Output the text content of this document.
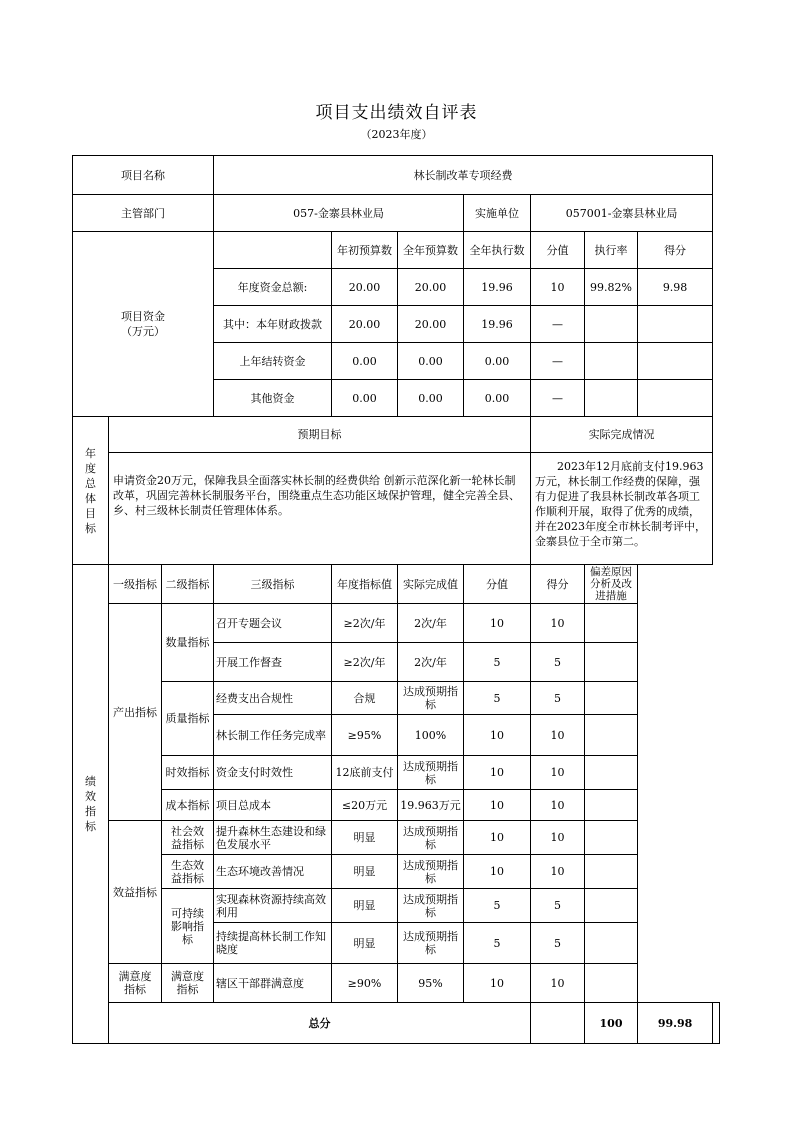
项目支出绩效自评表
（2023年度）
项目名称			林长制改革专项经费							
主管部门			057-金寨县林业局			实施单位	057001-金寨县林业局			
项目资金（万元）				年初预算数	全年预算数	全年执行数	分值	执行率	得分	
			年度资金总额:	20.00	20.00	19.96	10	99.82%	9.98	
			其中：本年财政拨款	20.00	20.00	19.96	—			
			上年结转资金	0.00	0.00	0.00	—			
			其他资金	0.00	0.00	0.00	—			

年度总体目标	预期目标						实际完成情况			
	申请资金20万元，保障我县全面落实林长制的经费供给 创新示范深化新一轮林长制改革，巩固完善林长制服务平台，围绕重点生态功能区域保护管理，健全完善全县、乡、村三级林长制责任管理体体系。						2023年12月底前支付19.963万元，林长制工作经费的保障，强有力促进了我县林长制改革各项工作顺利开展，取得了优秀的成绩，并在2023年度全市林长制考评中，金寨县位于全市第二。			

绩效指标	一级指标	二级指标	三级指标	年度指标值	实际完成值	分值	得分	偏差原因分析及改进措施		
	产出指标	数量指标	召开专题会议	≥2次/年	2次/年	10	10			
			开展工作督查	≥2次/年	2次/年	5	5			
		质量指标	经费支出合规性	合规	达成预期指标	5	5			
			林长制工作任务完成率	≥95%	100%	10	10			
		时效指标	资金支付时效性	12底前支付	达成预期指标	10	10			
		成本指标	项目总成本	≤20万元	19.963万元	10	10			
	效益指标	社会效益指标	提升森林生态建设和绿色发展水平	明显	达成预期指标	10	10			
		生态效益指标	生态环境改善情况	明显	达成预期指标	10	10			
		可持续影响指标	实现森林资源持续高效利用	明显	达成预期指标	5	5			
			持续提高林长制工作知晓度	明显	达成预期指标	5	5			
	满意度指标	满意度指标	辖区干部群满意度	≥90%	95%	10	10			
	总分							100	99.98	
